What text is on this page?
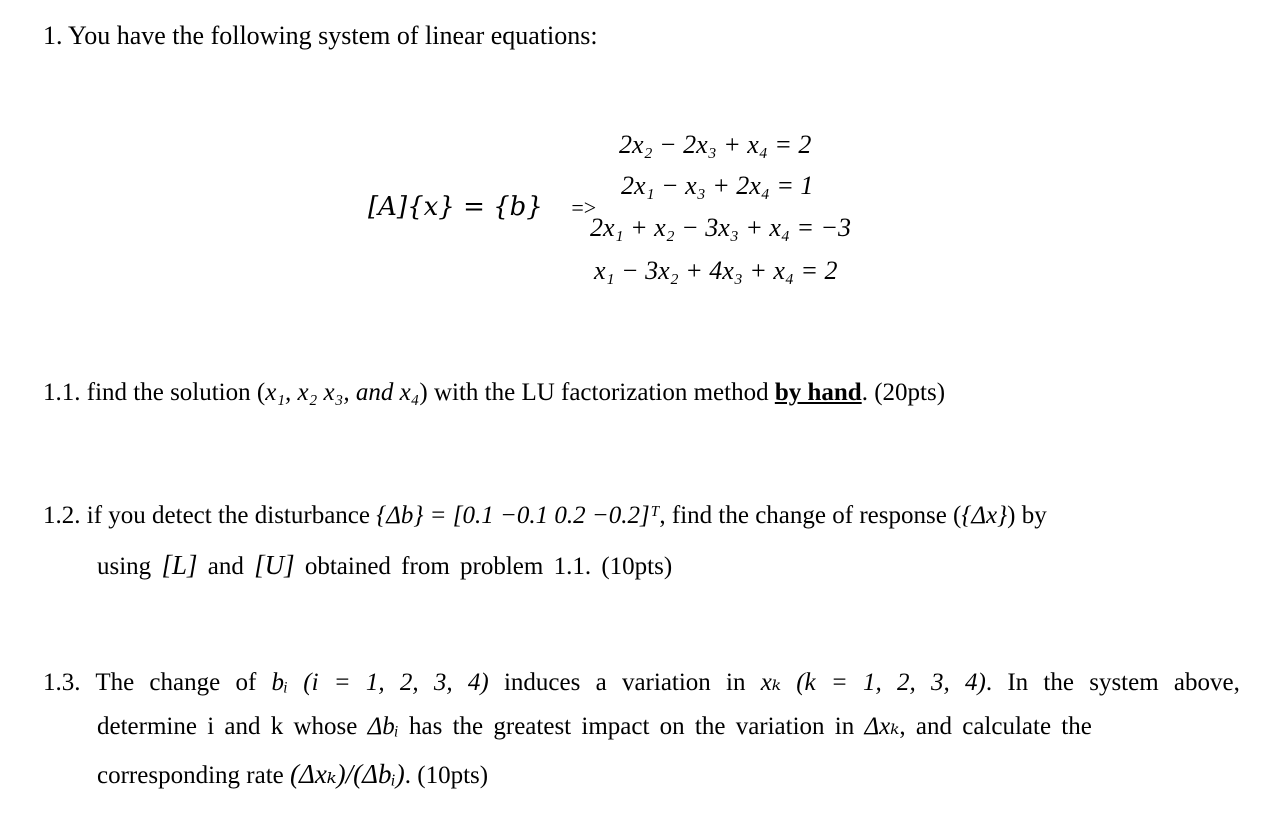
1. You have the following system of linear equations:
[A]{x} = {b} =>
2x₂ − 2x₃ + x₄ = 2
2x₁ − x₃ + 2x₄ = 1
2x₁ + x₂ − 3x₃ + x₄ = −3
x₁ − 3x₂ + 4x₃ + x₄ = 2
1.1. find the solution (x₁, x₂ x₃, and x₄) with the LU factorization method by hand. (20pts)
1.2. if you detect the disturbance {Δb} = [0.1 −0.1 0.2 −0.2]ᵀ, find the change of response ({Δx}) by
using [L] and [U] obtained from problem 1.1. (10pts)
1.3. The change of bᵢ (i = 1, 2, 3, 4) induces a variation in xₖ (k = 1, 2, 3, 4). In the system above,
determine i and k whose Δbᵢ has the greatest impact on the variation in Δxₖ, and calculate the
corresponding rate (Δxₖ)/(Δbᵢ). (10pts)
